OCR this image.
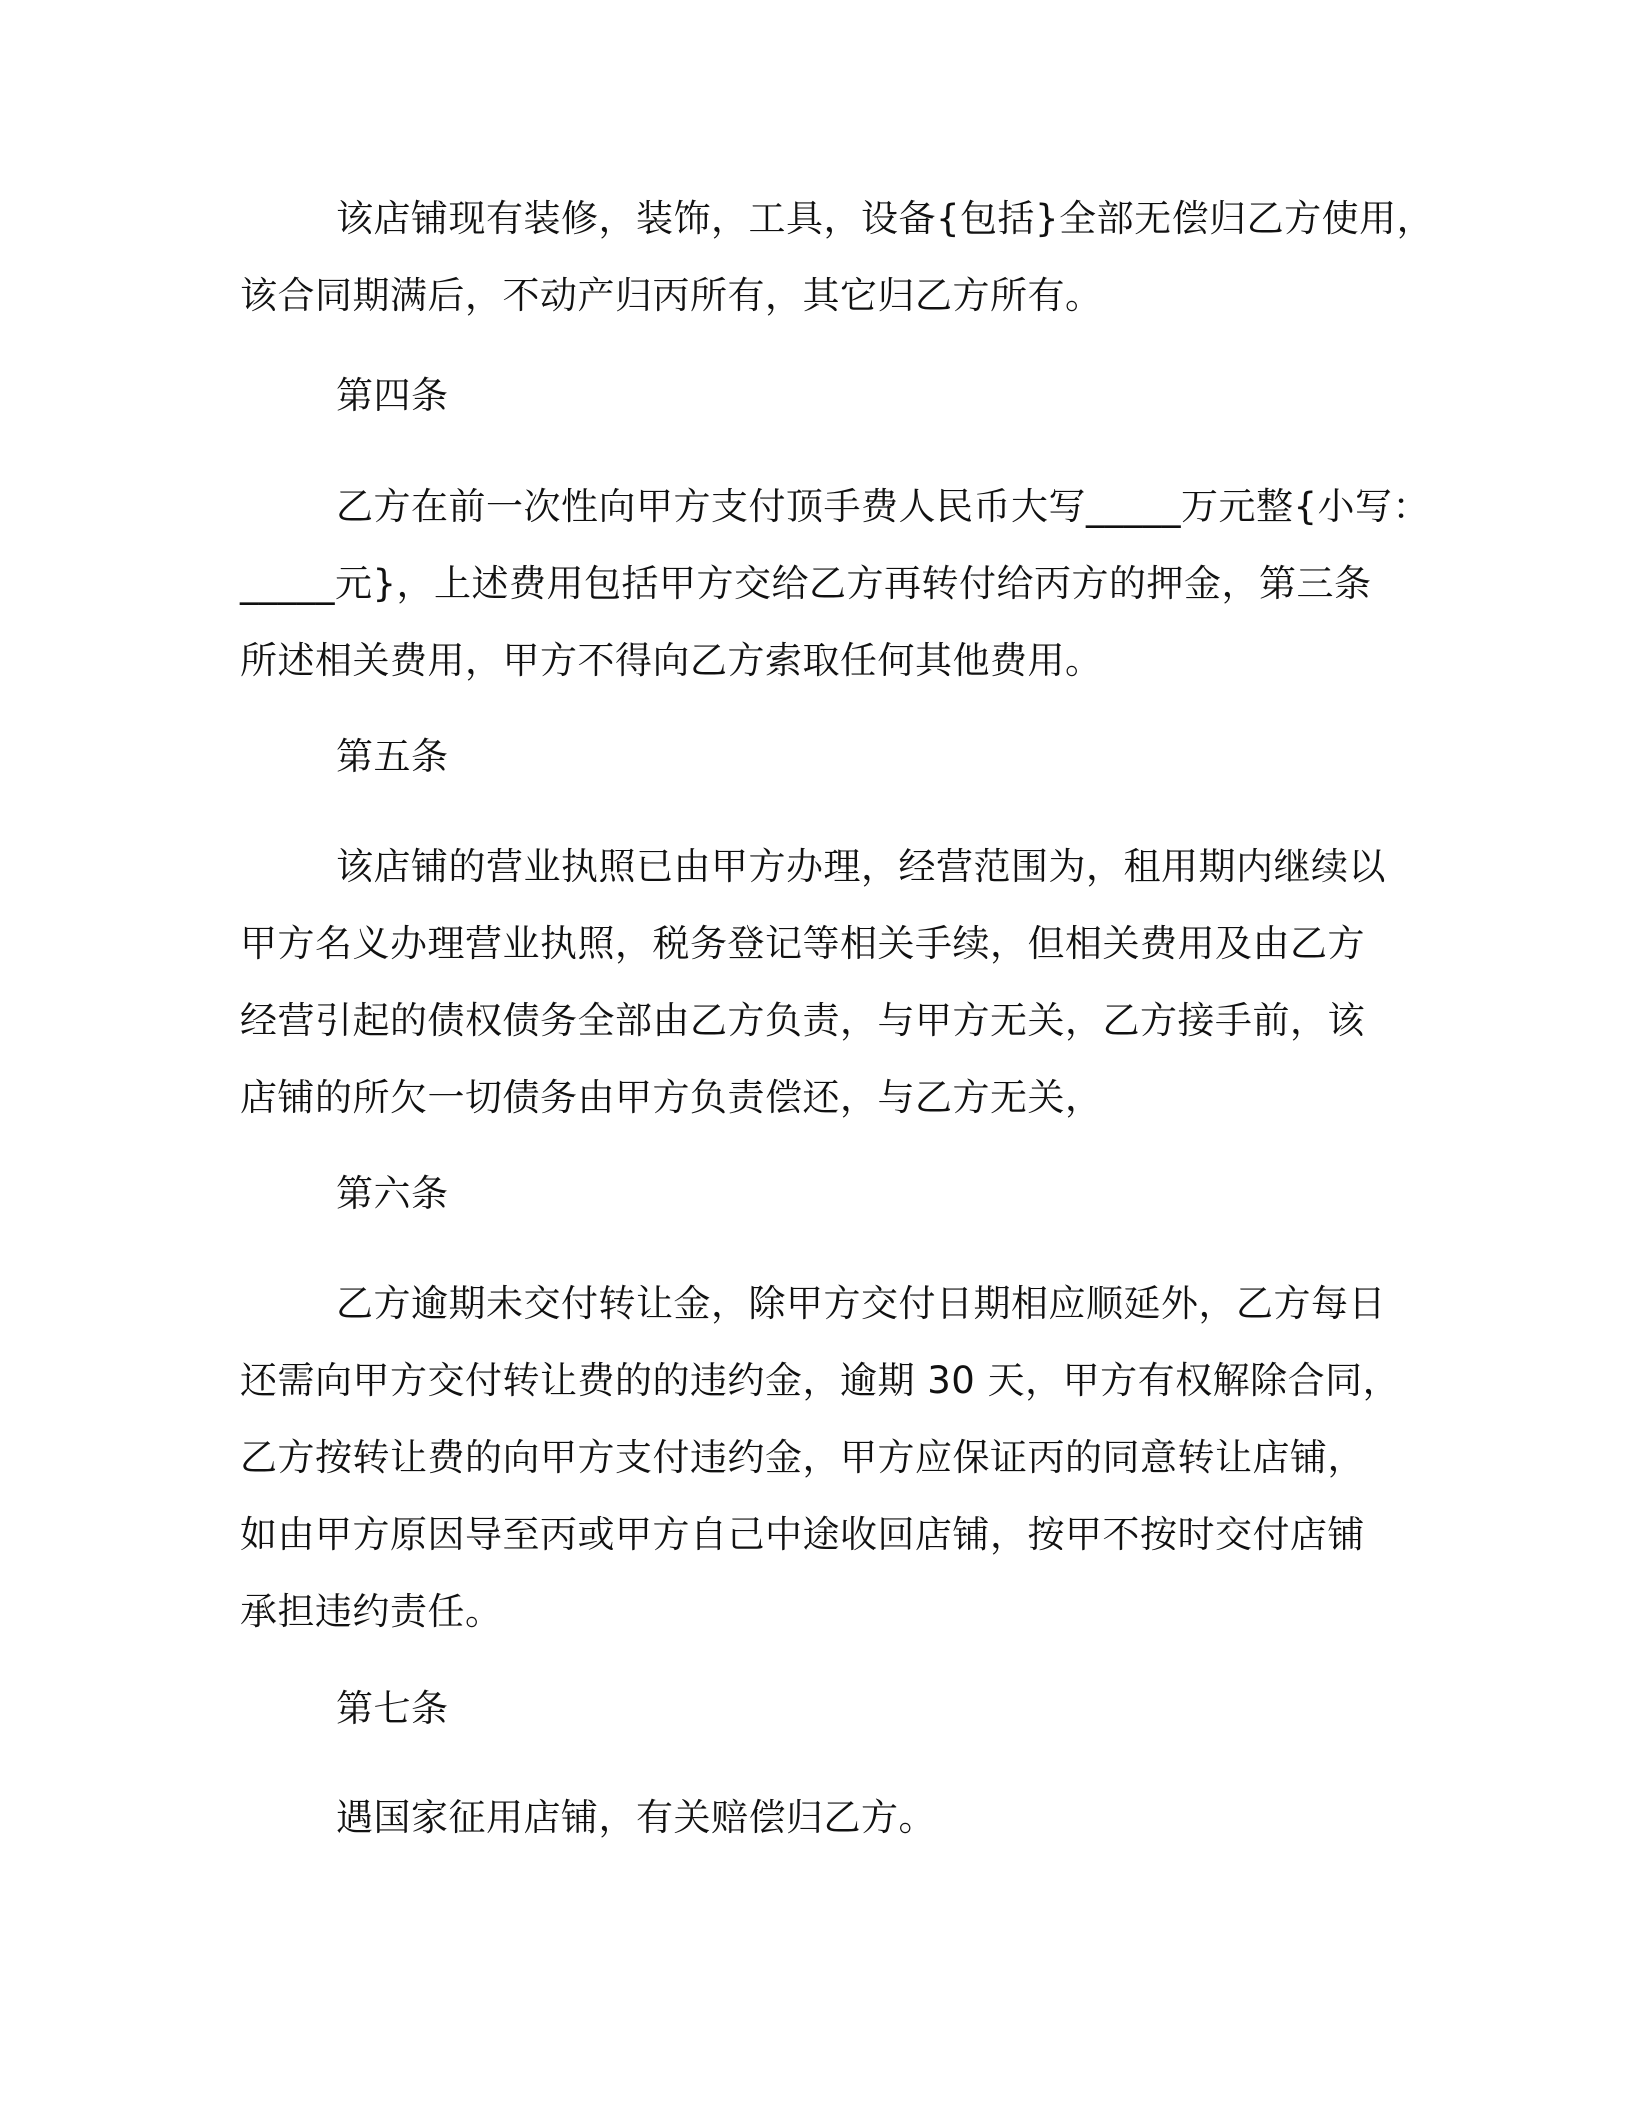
该店铺现有装修，装饰，工具，设备{包括}全部无偿归乙方使用，
该合同期满后，不动产归丙所有，其它归乙方所有。
第四条
乙方在前一次性向甲方支付顶手费人民币大写_____万元整{小写：
_____元}，上述费用包括甲方交给乙方再转付给丙方的押金，第三条
所述相关费用，甲方不得向乙方索取任何其他费用。
第五条
该店铺的营业执照已由甲方办理，经营范围为，租用期内继续以
甲方名义办理营业执照，税务登记等相关手续，但相关费用及由乙方
经营引起的债权债务全部由乙方负责，与甲方无关，乙方接手前，该
店铺的所欠一切债务由甲方负责偿还，与乙方无关，
第六条
乙方逾期未交付转让金，除甲方交付日期相应顺延外，乙方每日
还需向甲方交付转让费的的违约金，逾期 30 天，甲方有权解除合同，
乙方按转让费的向甲方支付违约金，甲方应保证丙的同意转让店铺，
如由甲方原因导至丙或甲方自己中途收回店铺，按甲不按时交付店铺
承担违约责任。
第七条
遇国家征用店铺，有关赔偿归乙方。
